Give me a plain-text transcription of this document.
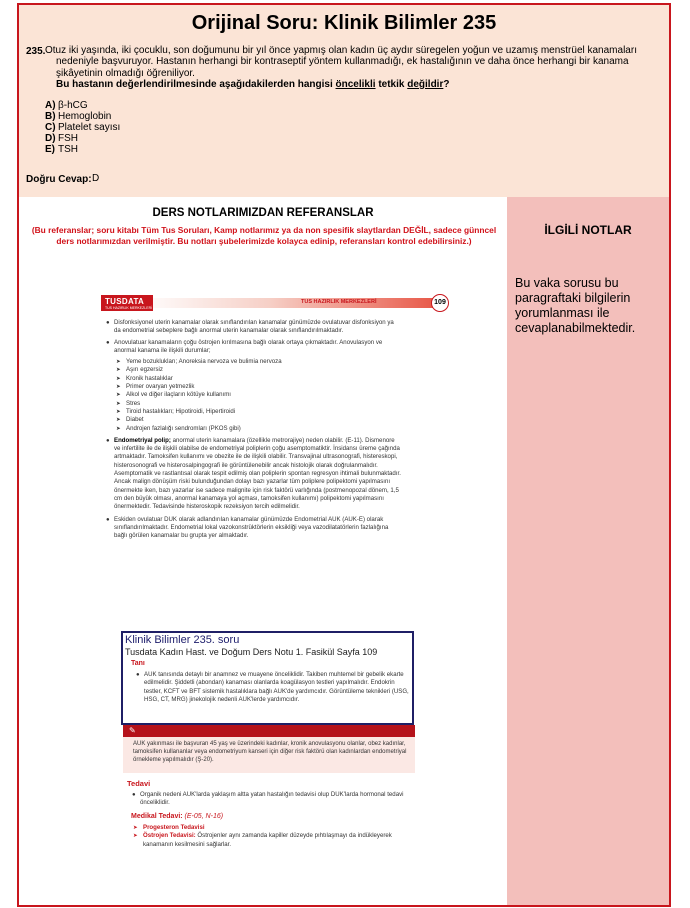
Orijinal Soru: Klinik Bilimler 235
235. Otuz iki yaşında, iki çocuklu, son doğumunu bir yıl önce yapmış olan kadın üç aydır süregelen yoğun ve uzamış menstrüel kanamaları
nedeniyle başvuruyor. Hastanın herhangi bir kontraseptif yöntem kullanmadığı, ek hastalığının ve daha önce herhangi bir kanama
şikâyetinin olmadığı öğreniliyor.
Bu hastanın değerlendirilmesinde aşağıdakilerden hangisi öncelikli tetkik değildir?
A) β-hCG
B) Hemoglobin
C) Platelet sayısı
D) FSH
E) TSH
Doğru Cevap: D
DERS NOTLARIMIZDAN REFERANSLAR
(Bu referanslar; soru kitabı Tüm Tus Soruları, Kamp notlarımız ya da non spesifik slaytlardan DEĞİL, sadece günncel ders notlarımızdan verilmiştir. Bu notları şubelerimizde kolayca edinip, referansları kontrol edebilirsiniz.)
TUSDATA
TUS HAZIRLIK MERKEZLERİ
TUS HAZIRLIK MERKEZLERİ	109
● Disfonksiyonel uterin kanamalar olarak sınıflandırılan kanamalar günümüzde ovulatuvar disfonksiyon ya da endometrial sebeplere bağlı anormal uterin kanamalar olarak sınıflandırılmaktadır.
● Anovulatuar kanamaların çoğu östrojen kırılmasına bağlı olarak ortaya çıkmaktadır. Anovulasyon ve anormal kanama ile ilişkili durumlar;
➤ Yeme bozuklukları; Anoreksia nervoza ve bulimia nervoza
➤ Aşırı egzersiz
➤ Kronik hastalıklar
➤ Primer ovaryan yetmezlik
➤ Alkol ve diğer ilaçların kötüye kullanımı
➤ Stres
➤ Tiroid hastalıkları; Hipotiroidi, Hipertiroidi
➤ Diabet
➤ Androjen fazlalığı sendromları (PKOS gibi)
● Endometriyal polip; anormal uterin kanamalara (özellikle metrorajiye) neden olabilir. (E-11). Dismenore ve infertilite ile de ilişkili olabilse de endometriyal poliplerin çoğu asemptomatiktir. İnsidansı üreme çağında artmaktadır. Tamoksifen kullanımı ve obezite ile de ilişkili olabilir. Transvajinal ultrasonografi, histereskopi, histerosonografi ve histerosalpingografi ile görüntülenebilir ancak histolojik olarak doğrulanmalıdır. Asemptomatik ve rastlantısal olarak tespit edilmiş olan poliplerin spontan regresyon ihtimali bulunmaktadır. Ancak malign dönüşüm riski bulunduğundan dolayı bazı yazarlar tüm poliplere polipektomi yapılmasını önermekte iken, bazı yazarlar ise sadece malignite için risk faktörü varlığında (postmenopozal dönem, 1,5 cm den büyük olması, anormal kanamaya yol açması, tamoksifen kullanımı) polipektomi yapılmasını önermektedir. Tedavisinde histeroskopik rezeksiyon tercih edilmelidir.
● Eskiden ovulatuar DUK olarak adlandırılan kanamalar günümüzde Endometrial AUK (AUK-E) olarak sınıflandırılmaktadır. Endometrial lokal vazokonstrüktörlerin eksikliği veya vazodilatatörlerin fazlalığına bağlı görülen kanamalar bu grupta yer almaktadır.
✎
AUK yakınması ile başvuran 45 yaş ve üzerindeki kadınlar, kronik anovulasyonu olanlar, obez kadınlar, tamoksifen kullananlar veya endometriyum kanseri için diğer risk faktörü olan kadınlardan endometriyal örnekleme yapılmalıdır (Ş-20).
Tedavi
● Organik nedeni AUK'larda yaklaşım altta yatan hastalığın tedavisi olup DUK'larda hormonal tedavi önceliklidir.
Medikal Tedavi: (E-05, N-16)
➤ Progesteron Tedavisi
➤ Östrojen Tedavisi: Östrojenler aynı zamanda kapiller düzeyde pıhtılaşmayı da indükleyerek kanamanın kesilmesini sağlarlar.
Klinik Bilimler 235. soru
Tusdata Kadın Hast. ve Doğum Ders Notu 1. Fasikül Sayfa 109
Tanı
● AUK tanısında detaylı bir anamnez ve muayene önceliklidir. Takiben muhtemel bir gebelik ekarte edilmelidir. Şiddetli (abondan) kanaması olanlarda koagülasyon testleri yapılmalıdır. Endokrin testler, KCFT ve BFT sistemik hastalıklara bağlı AUK'de yardımcıdır. Görüntüleme teknikleri (USG, HSG, CT, MRG) jinekolojik nedenli AUK'lerde yardımcıdır.
İLGİLİ NOTLAR
Bu vaka sorusu bu paragraftaki bilgilerin yorumlanması ile cevaplanabilmektedir.
